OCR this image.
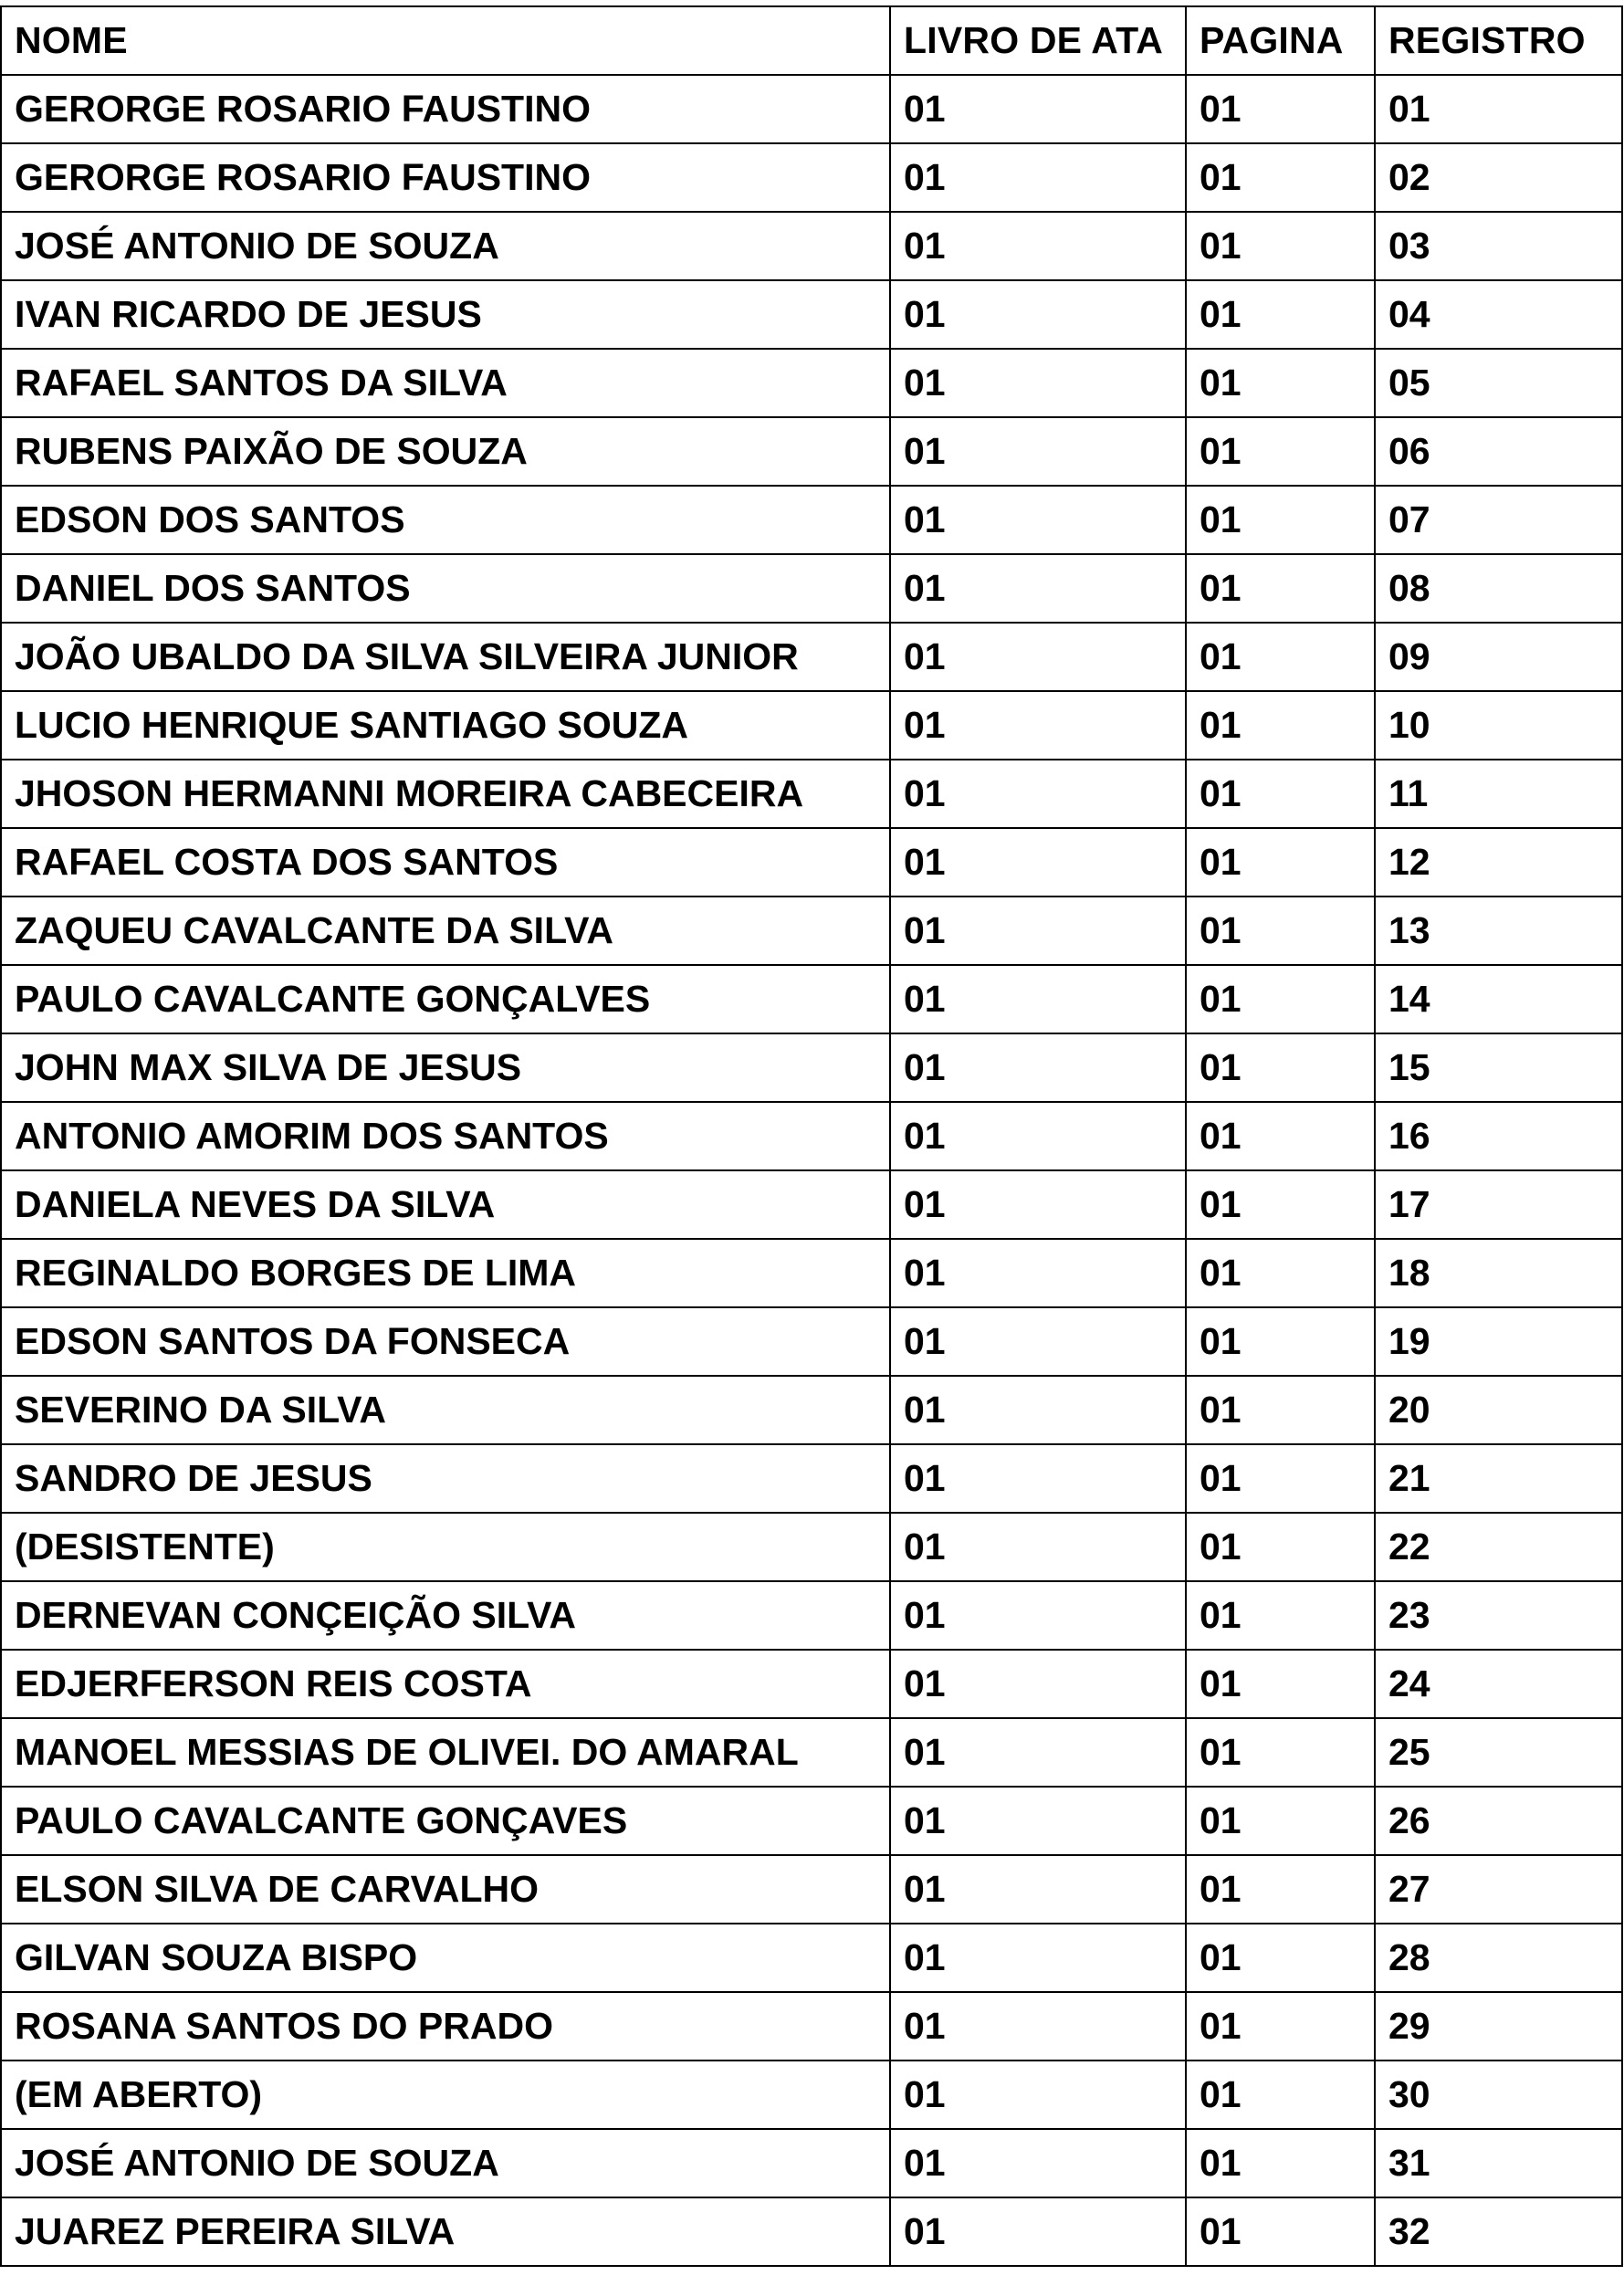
NOME	LIVRO DE ATA	PAGINA	REGISTRO
GERORGE ROSARIO FAUSTINO	01	01	01
GERORGE ROSARIO FAUSTINO	01	01	02
JOSÉ ANTONIO DE SOUZA	01	01	03
IVAN RICARDO DE JESUS	01	01	04
RAFAEL SANTOS DA SILVA	01	01	05
RUBENS PAIXÃO DE SOUZA	01	01	06
EDSON DOS SANTOS	01	01	07
DANIEL DOS SANTOS	01	01	08
JOÃO UBALDO DA SILVA SILVEIRA JUNIOR	01	01	09
LUCIO HENRIQUE SANTIAGO SOUZA	01	01	10
JHOSON HERMANNI MOREIRA CABECEIRA	01	01	11
RAFAEL COSTA DOS SANTOS	01	01	12
ZAQUEU CAVALCANTE DA SILVA	01	01	13
PAULO CAVALCANTE GONÇALVES	01	01	14
JOHN MAX SILVA DE JESUS	01	01	15
ANTONIO AMORIM DOS SANTOS	01	01	16
DANIELA NEVES DA SILVA	01	01	17
REGINALDO BORGES DE LIMA	01	01	18
EDSON SANTOS DA FONSECA	01	01	19
SEVERINO DA SILVA	01	01	20
SANDRO DE JESUS	01	01	21
(DESISTENTE)	01	01	22
DERNEVAN CONÇEIÇÃO SILVA	01	01	23
EDJERFERSON REIS COSTA	01	01	24
MANOEL MESSIAS DE OLIVEI. DO AMARAL	01	01	25
PAULO CAVALCANTE GONÇAVES	01	01	26
ELSON SILVA DE CARVALHO	01	01	27
GILVAN SOUZA BISPO	01	01	28
ROSANA SANTOS DO PRADO	01	01	29
(EM ABERTO)	01	01	30
JOSÉ ANTONIO DE SOUZA	01	01	31
JUAREZ PEREIRA SILVA	01	01	32
